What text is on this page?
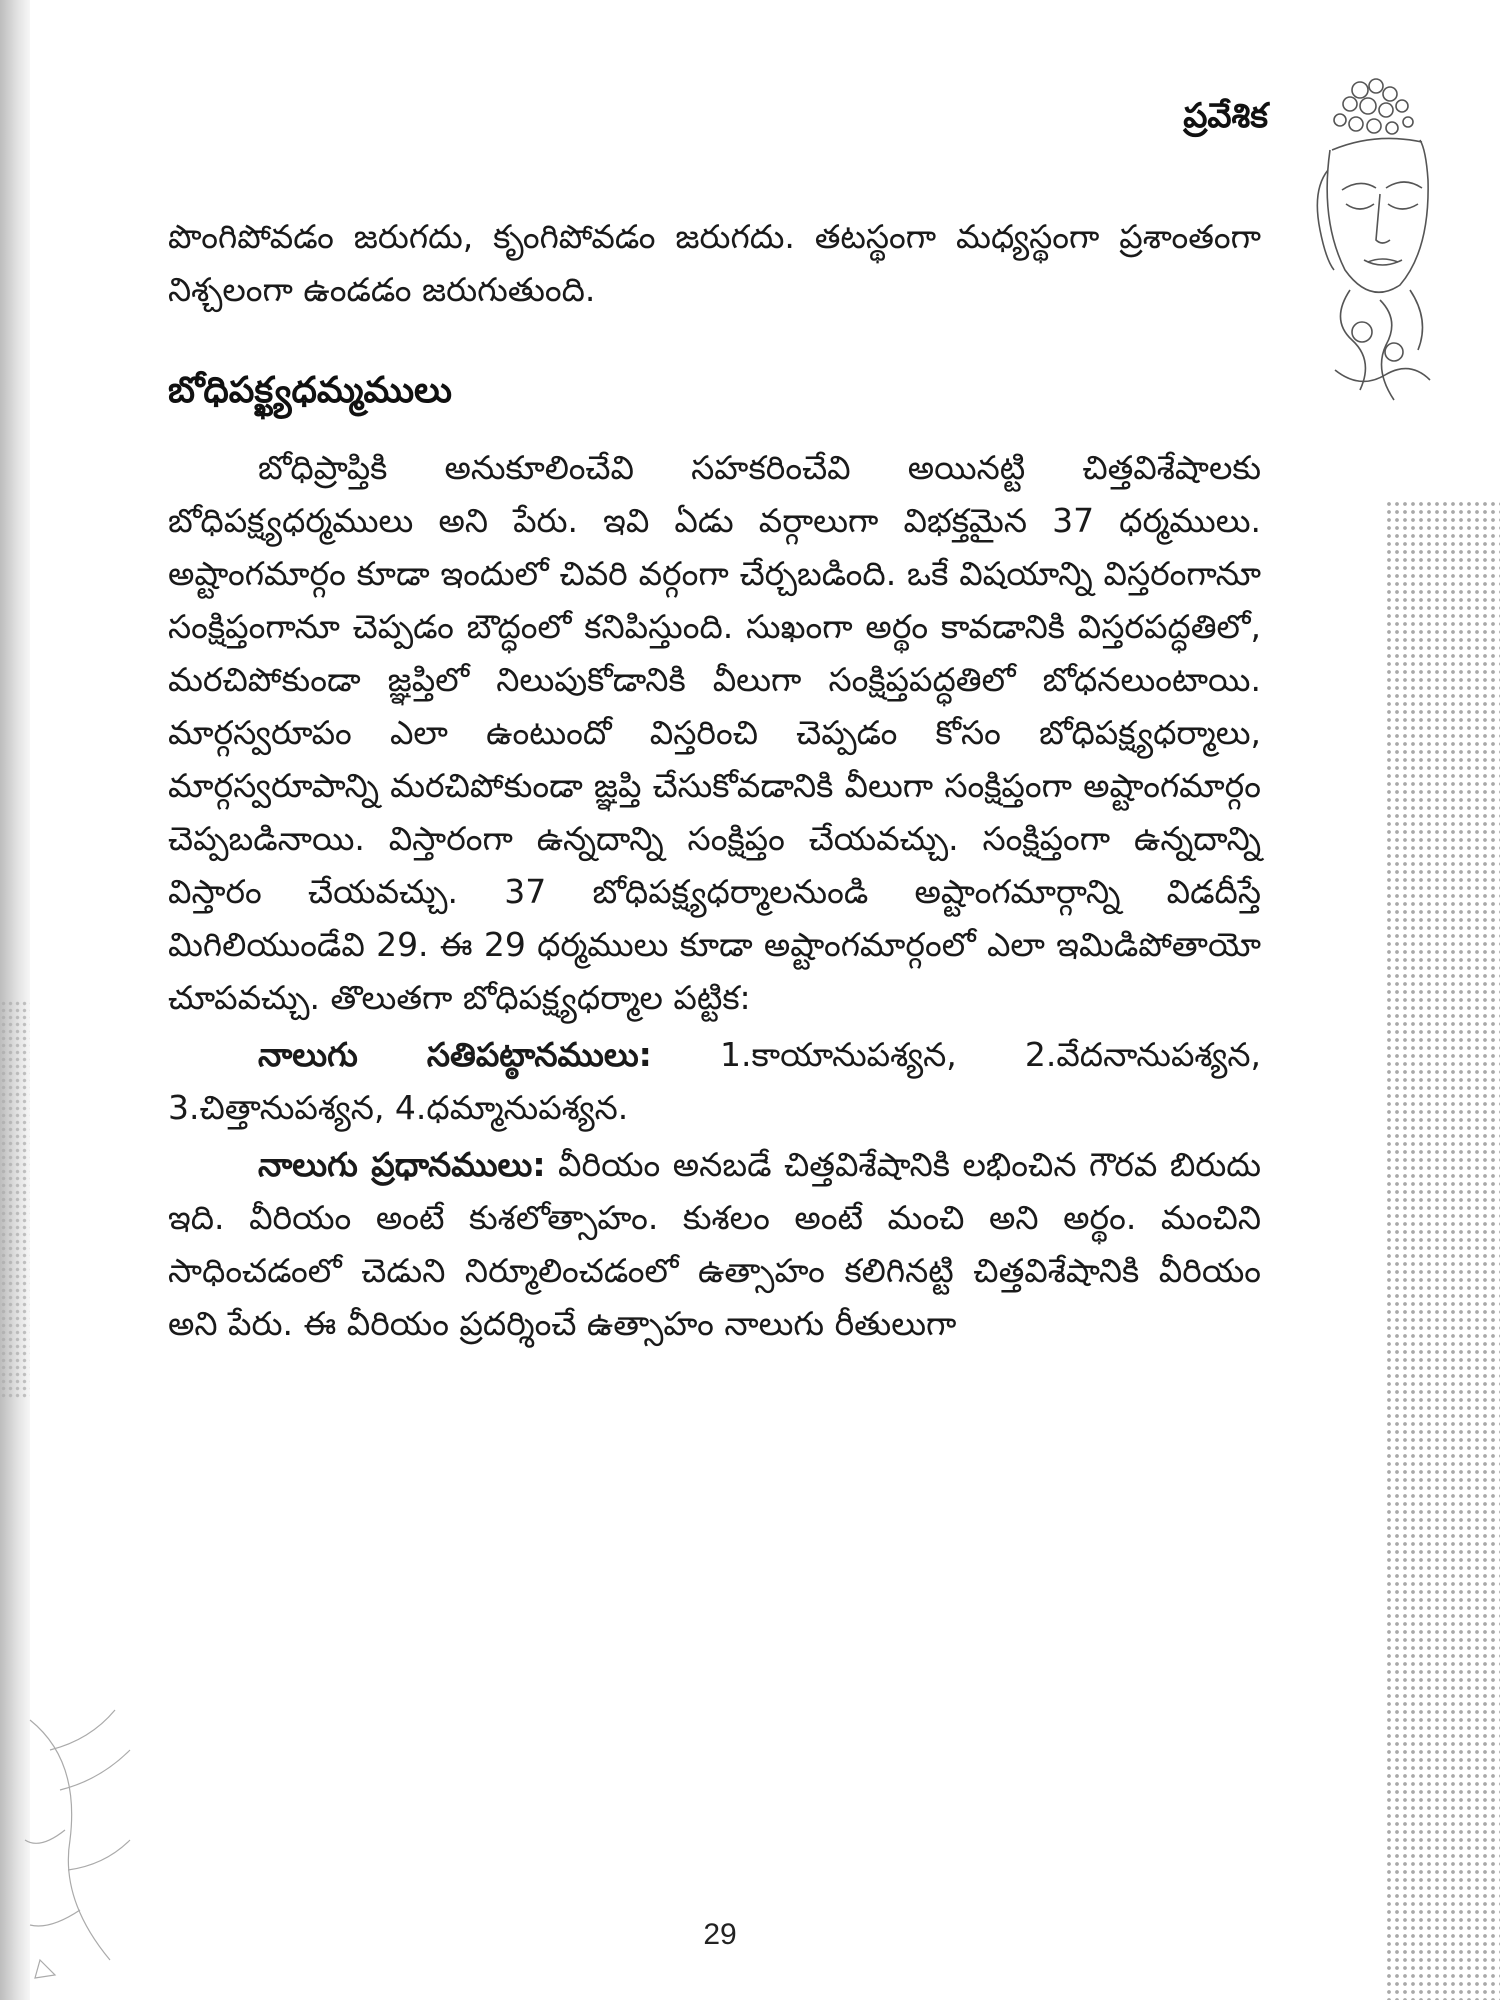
ప్రవేశిక

పొంగిపోవడం జరుగదు, కృంగిపోవడం జరుగదు. తటస్థంగా మధ్యస్థంగా ప్రశాంతంగా నిశ్చలంగా ఉండడం జరుగుతుంది.

బోధిపక్ఖ్యధమ్మములు

బోధిప్రాప్తికి అనుకూలించేవి సహకరించేవి అయినట్టి చిత్తవిశేషాలకు బోధిపక్ష్యధర్మములు అని పేరు. ఇవి ఏడు వర్గాలుగా విభక్తమైన 37 ధర్మములు. అష్టాంగమార్గం కూడా ఇందులో చివరి వర్గంగా చేర్చబడింది. ఒకే విషయాన్ని విస్తరంగానూ సంక్షిప్తంగానూ చెప్పడం బౌద్ధంలో కనిపిస్తుంది. సుఖంగా అర్థం కావడానికి విస్తరపద్ధతిలో, మరచిపోకుండా జ్ఞప్తిలో నిలుపుకోడానికి వీలుగా సంక్షిప్తపద్ధతిలో బోధనలుంటాయి. మార్గస్వరూపం ఎలా ఉంటుందో విస్తరించి చెప్పడం కోసం బోధిపక్ష్యధర్మాలు, మార్గస్వరూపాన్ని మరచిపోకుండా జ్ఞప్తి చేసుకోవడానికి వీలుగా సంక్షిప్తంగా అష్టాంగమార్గం చెప్పబడినాయి. విస్తారంగా ఉన్నదాన్ని సంక్షిప్తం చేయవచ్చు. సంక్షిప్తంగా ఉన్నదాన్ని విస్తారం చేయవచ్చు. 37 బోధిపక్ష్యధర్మాలనుండి అష్టాంగమార్గాన్ని విడదీస్తే మిగిలియుండేవి 29. ఈ 29 ధర్మములు కూడా అష్టాంగమార్గంలో ఎలా ఇమిడిపోతాయో చూపవచ్చు. తొలుతగా బోధిపక్ష్యధర్మాల పట్టిక:

నాలుగు సతిపట్ఠానములు: 1.కాయానుపశ్యన, 2.వేదనానుపశ్యన, 3.చిత్తానుపశ్యన, 4.ధమ్మానుపశ్యన.

నాలుగు ప్రధానములు: వీరియం అనబడే చిత్తవిశేషానికి లభించిన గౌరవ బిరుదు ఇది. వీరియం అంటే కుశలోత్సాహం. కుశలం అంటే మంచి అని అర్థం. మంచిని సాధించడంలో చెడుని నిర్మూలించడంలో ఉత్సాహం కలిగినట్టి చిత్తవిశేషానికి వీరియం అని పేరు. ఈ వీరియం ప్రదర్శించే ఉత్సాహం నాలుగు రీతులుగా

29
